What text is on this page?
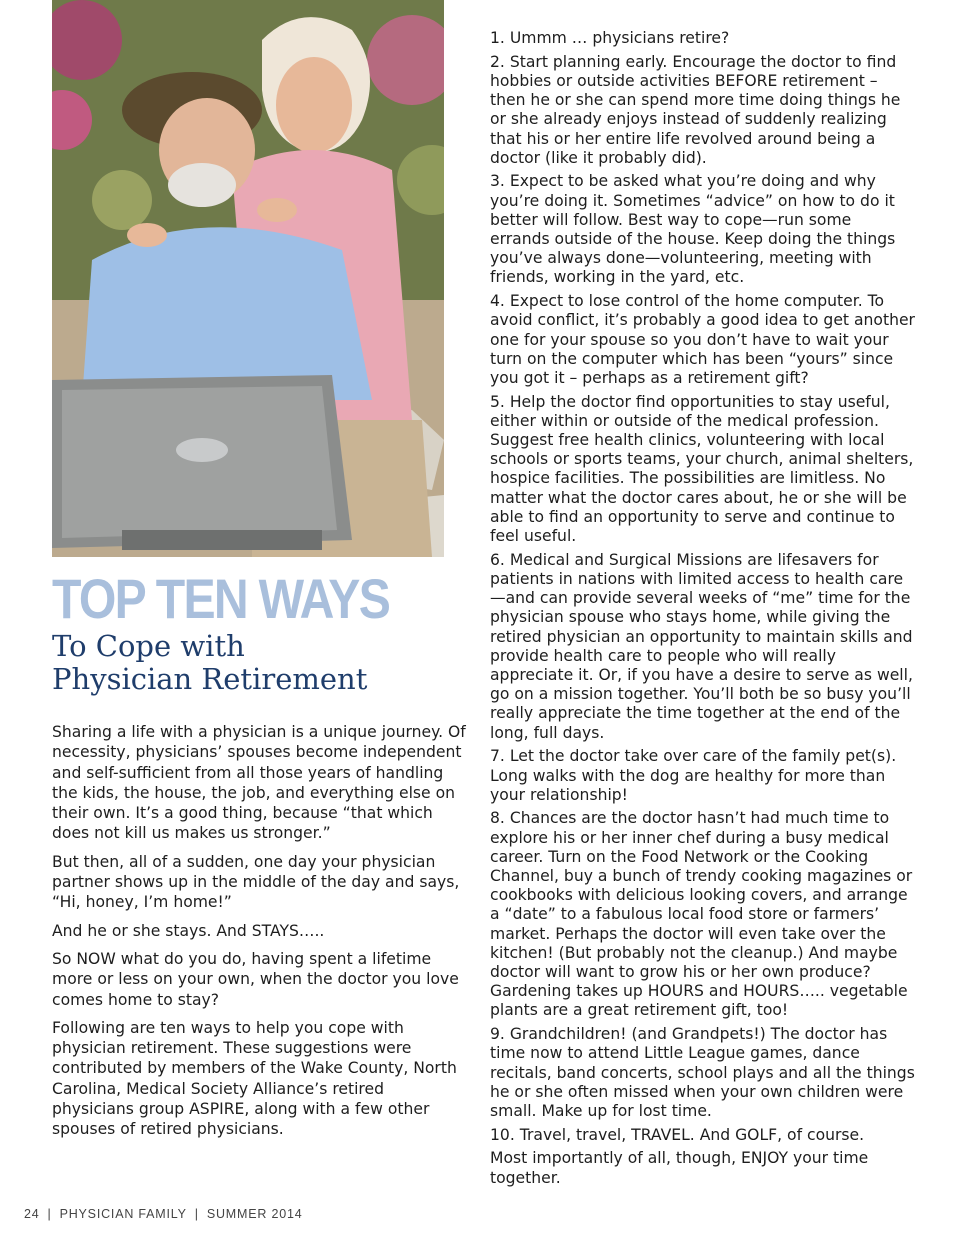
TOP TEN WAYS
To Cope with
Physician Retirement

Sharing a life with a physician is a unique journey. Of necessity, physicians’ spouses become independent and self-sufficient from all those years of handling the kids, the house, the job, and everything else on their own. It’s a good thing, because “that which does not kill us makes us stronger.”

But then, all of a sudden, one day your physician partner shows up in the middle of the day and says, “Hi, honey, I’m home!”

And he or she stays. And STAYS…..

So NOW what do you do, having spent a lifetime more or less on your own, when the doctor you love comes home to stay?

Following are ten ways to help you cope with physician retirement. These suggestions were contributed by members of the Wake County, North Carolina, Medical Society Alliance’s retired physicians group ASPIRE, along with a few other spouses of retired physicians.

1. Ummm … physicians retire?

2. Start planning early. Encourage the doctor to find hobbies or outside activities BEFORE retirement – then he or she can spend more time doing things he or she already enjoys instead of suddenly realizing that his or her entire life revolved around being a doctor (like it probably did).

3. Expect to be asked what you’re doing and why you’re doing it. Sometimes “advice” on how to do it better will follow. Best way to cope—run some errands outside of the house. Keep doing the things you’ve always done—volunteering, meeting with friends, working in the yard, etc.

4. Expect to lose control of the home computer. To avoid conflict, it’s probably a good idea to get another one for your spouse so you don’t have to wait your turn on the computer which has been “yours” since you got it – perhaps as a retirement gift?

5. Help the doctor find opportunities to stay useful, either within or outside of the medical profession. Suggest free health clinics, volunteering with local schools or sports teams, your church, animal shelters, hospice facilities. The possibilities are limitless. No matter what the doctor cares about, he or she will be able to find an opportunity to serve and continue to feel useful.

6. Medical and Surgical Missions are lifesavers for patients in nations with limited access to health care —and can provide several weeks of “me” time for the physician spouse who stays home, while giving the retired physician an opportunity to maintain skills and provide health care to people who will really appreciate it. Or, if you have a desire to serve as well, go on a mission together. You’ll both be so busy you’ll really appreciate the time together at the end of the long, full days.

7. Let the doctor take over care of the family pet(s). Long walks with the dog are healthy for more than your relationship!

8. Chances are the doctor hasn’t had much time to explore his or her inner chef during a busy medical career. Turn on the Food Network or the Cooking Channel, buy a bunch of trendy cooking magazines or cookbooks with delicious looking covers, and arrange a “date” to a fabulous local food store or farmers’ market. Perhaps the doctor will even take over the kitchen! (But probably not the cleanup.) And maybe doctor will want to grow his or her own produce? Gardening takes up HOURS and HOURS….. vegetable plants are a great retirement gift, too!

9. Grandchildren! (and Grandpets!) The doctor has time now to attend Little League games, dance recitals, band concerts, school plays and all the things he or she often missed when your own children were small. Make up for lost time.

10. Travel, travel, TRAVEL. And GOLF, of course.

Most importantly of all, though, ENJOY your time together.

24 | PHYSICIAN FAMILY | SUMMER 2014
